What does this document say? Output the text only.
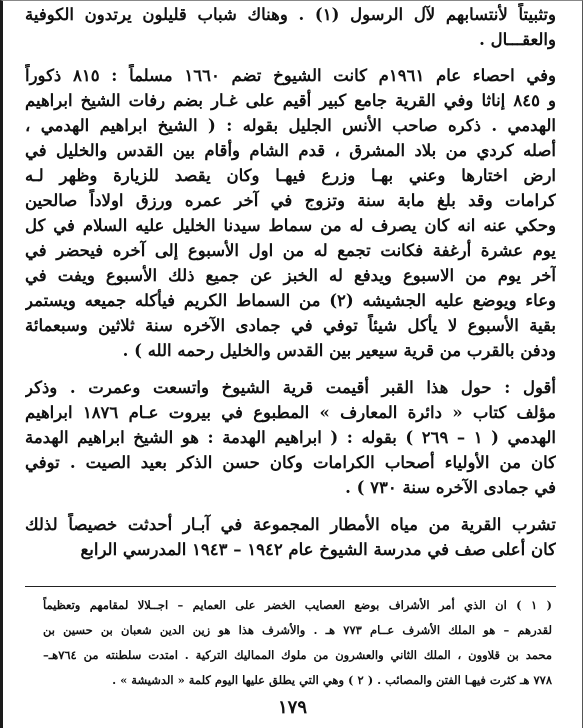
وتثبيتاً لأنتسابهم لآل الرسول (١) . وهناك شباب قليلون يرتدون الكوفية
والعقـــال .
وفي احصاء عام ١٩٦١م كانت الشيوخ تضم ١٦٦٠ مسلماً : ٨١٥ ذكوراً
و ٨٤٥ إناثا وفي القرية جامع كبير أقيم على غـار بضم رفات الشيخ ابراهيم
الهدمي . ذكره صاحب الأنس الجليل بقوله : ( الشيخ ابراهيم الهدمي ،
أصله كردي من بلاد المشرق ، قدم الشام وأقام بين القدس والخليل في
ارض اختارها وعني بهـا وزرع فيهـا وكان يقصد للزيارة وظهر لـه
كرامات وقد بلغ مابة سنة وتزوج في آخر عمره ورزق اولاداً صالحين
وحكي عنه انه كان يصرف له من سماط سيدنا الخليل عليه السلام في كل
يوم عشرة أرغفة فكانت تجمع له من اول الأسبوع إلى آخره فيحضر في
آخر يوم من الاسبوع ويدفع له الخبز عن جميع ذلك الأسبوع ويفت في
وعاء ويوضع عليه الجشيشه (٢) من السماط الكريم فيأكله جميعه ويستمر
بقية الأسبوع لا يأكل شيئاً توفي في جمادى الآخره سنة ثلاثين وسبعمائة
ودفن بالقرب من قرية سيعير بين القدس والخليل رحمه الله ) .
أقول : حول هذا القبر أقيمت قرية الشيوخ واتسعت وعمرت . وذكر
مؤلف كتاب « دائرة المعارف » المطبوع في بيروت عـام ١٨٧٦ ابراهيم
الهدمي ( ١ – ٢٦٩ ) بقوله : ( ابراهيم الهدمة : هو الشيخ ابراهيم الهدمة
كان من الأولياء أصحاب الكرامات وكان حسن الذكر بعيد الصيت . توفي
في جمادى الآخره سنة ٧٣٠ ) .
تشرب القرية من مياه الأمطار المجموعة في آبـار أحدثت خصيصاً لذلك
كان أعلى صف في مدرسة الشيوخ عام ١٩٤٢ – ١٩٤٣ المدرسي الرابع
( ١ ) ان الذي أمر الأشراف بوضع العصايب الخضر على العمايم – اجــلالا لمقامهم وتعظيماً
لقدرهم – هو الملك الأشرف عــام ٧٧٣ هـ . والأشرف هذا هو زين الدين شعبان بن حسين بن
محمد بن قلاوون ، الملك الثاني والعشرون من ملوك المماليك التركية . امتدت سلطنته من ٧٦٤هـ–
٧٧٨ هـ كثرت فيهـا الفتن والمصائب . ( ٢ ) وهي التي يطلق عليها اليوم كلمة « الدشيشة » .
١٧٩
